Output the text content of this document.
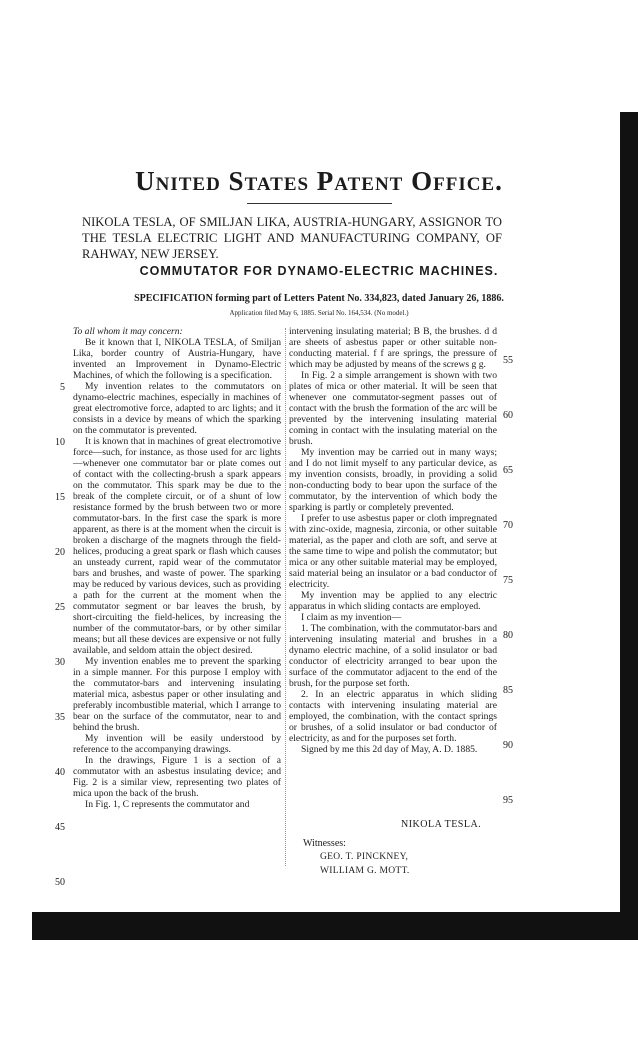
United States Patent Office.
NIKOLA TESLA, OF SMILJAN LIKA, AUSTRIA-HUNGARY, ASSIGNOR TO THE TESLA ELECTRIC LIGHT AND MANUFACTURING COMPANY, OF RAHWAY, NEW JERSEY.
COMMUTATOR FOR DYNAMO-ELECTRIC MACHINES.
SPECIFICATION forming part of Letters Patent No. 334,823, dated January 26, 1886.
Application filed May 6, 1885. Serial No. 164,534. (No model.)

To all whom it may concern:

Be it known that I, NIKOLA TESLA, of Smiljan Lika, border country of Austria-Hungary, have invented an Improvement in Dynamo-Electric Machines, of which the following is a specification.

My invention relates to the commutators on dynamo-electric machines, especially in machines of great electromotive force, adapted to arc lights; and it consists in a device by means of which the sparking on the commutator is prevented.

It is known that in machines of great electromotive force—such, for instance, as those used for arc lights—whenever one commutator bar or plate comes out of contact with the collecting-brush a spark appears on the commutator. This spark may be due to the break of the complete circuit, or of a shunt of low resistance formed by the brush between two or more commutator-bars. In the first case the spark is more apparent, as there is at the moment when the circuit is broken a discharge of the magnets through the field-helices, producing a great spark or flash which causes an unsteady current, rapid wear of the commutator bars and brushes, and waste of power. The sparking may be reduced by various devices, such as providing a path for the current at the moment when the commutator segment or bar leaves the brush, by short-circuiting the field-helices, by increasing the number of the commutator-bars, or by other similar means; but all these devices are expensive or not fully available, and seldom attain the object desired.

My invention enables me to prevent the sparking in a simple manner. For this purpose I employ with the commutator-bars and intervening insulating material mica, asbestus paper or other insulating and preferably incombustible material, which I arrange to bear on the surface of the commutator, near to and behind the brush.

My invention will be easily understood by reference to the accompanying drawings.

In the drawings, Figure 1 is a section of a commutator with an asbestus insulating device; and Fig. 2 is a similar view, representing two plates of mica upon the back of the brush.

In Fig. 1, C represents the commutator and

intervening insulating material; B B, the brushes. d d are sheets of asbestus paper or other suitable non-conducting material. f f are springs, the pressure of which may be adjusted by means of the screws g g.

In Fig. 2 a simple arrangement is shown with two plates of mica or other material. It will be seen that whenever one commutator-segment passes out of contact with the brush the formation of the arc will be prevented by the intervening insulating material coming in contact with the insulating material on the brush.

My invention may be carried out in many ways; and I do not limit myself to any particular device, as my invention consists, broadly, in providing a solid non-conducting body to bear upon the surface of the commutator, by the intervention of which body the sparking is partly or completely prevented.

I prefer to use asbestus paper or cloth impregnated with zinc-oxide, magnesia, zirconia, or other suitable material, as the paper and cloth are soft, and serve at the same time to wipe and polish the commutator; but mica or any other suitable material may be employed, said material being an insulator or a bad conductor of electricity.

My invention may be applied to any electric apparatus in which sliding contacts are employed.

I claim as my invention—

1. The combination, with the commutator-bars and intervening insulating material and brushes in a dynamo electric machine, of a solid insulator or bad conductor of electricity arranged to bear upon the surface of the commutator adjacent to the end of the brush, for the purpose set forth.

2. In an electric apparatus in which sliding contacts with intervening insulating material are employed, the combination, with the contact springs or brushes, of a solid insulator or bad conductor of electricity, as and for the purposes set forth.

Signed by me this 2d day of May, A. D. 1885.

5
10
15
20
25
30
35
40
45
50
55
60
65
70
75
80
85
90
95
NIKOLA TESLA.
Witnesses:
GEO. T. PINCKNEY,
WILLIAM G. MOTT.
